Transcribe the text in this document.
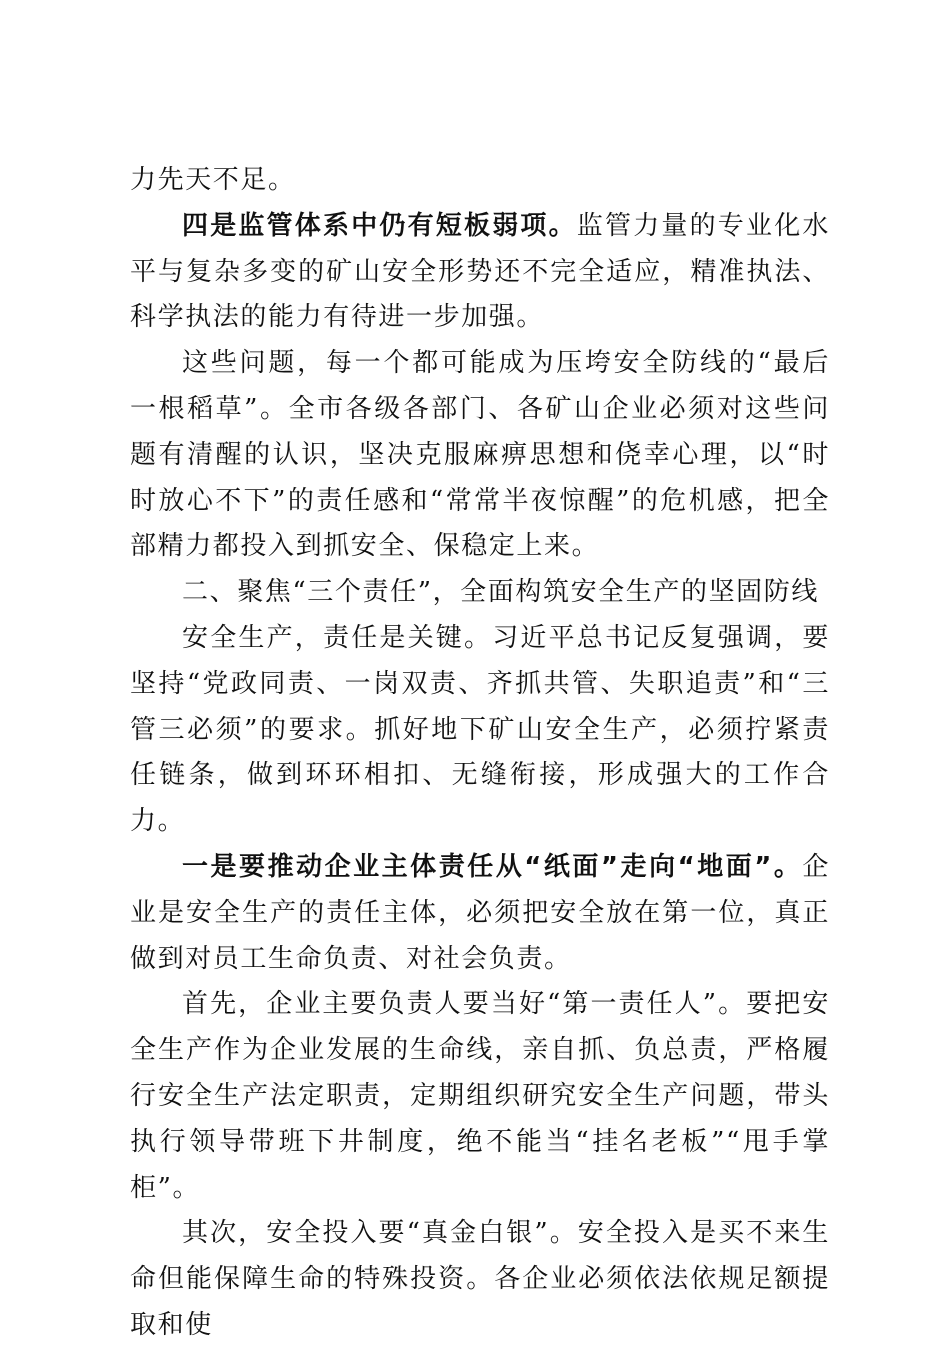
力先天不足。

四是监管体系中仍有短板弱项。监管力量的专业化水平与复杂多变的矿山安全形势还不完全适应，精准执法、科学执法的能力有待进一步加强。

这些问题，每一个都可能成为压垮安全防线的“最后一根稻草”。全市各级各部门、各矿山企业必须对这些问题有清醒的认识，坚决克服麻痹思想和侥幸心理，以“时时放心不下”的责任感和“常常半夜惊醒”的危机感，把全部精力都投入到抓安全、保稳定上来。

二、聚焦“三个责任”，全面构筑安全生产的坚固防线

安全生产，责任是关键。习近平总书记反复强调，要坚持“党政同责、一岗双责、齐抓共管、失职追责”和“三管三必须”的要求。抓好地下矿山安全生产，必须拧紧责任链条，做到环环相扣、无缝衔接，形成强大的工作合力。

一是要推动企业主体责任从“纸面”走向“地面”。企业是安全生产的责任主体，必须把安全放在第一位，真正做到对员工生命负责、对社会负责。

首先，企业主要负责人要当好“第一责任人”。要把安全生产作为企业发展的生命线，亲自抓、负总责，严格履行安全生产法定职责，定期组织研究安全生产问题，带头执行领导带班下井制度，绝不能当“挂名老板”“甩手掌柜”。

其次，安全投入要“真金白银”。安全投入是买不来生命但能保障生命的特殊投资。各企业必须依法依规足额提取和使
